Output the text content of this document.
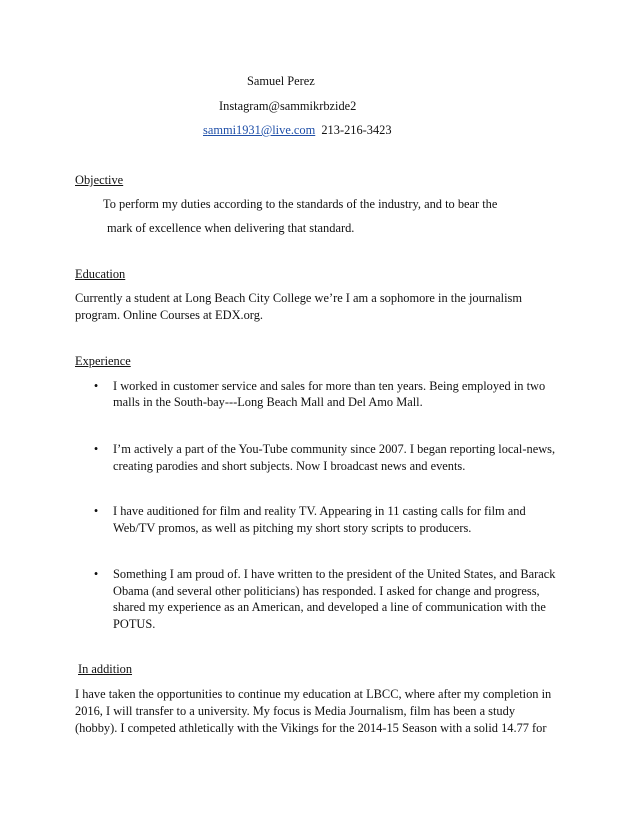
Samuel Perez
Instagram@sammikrbzide2
sammi1931@live.com 213-216-3423
Objective
To perform my duties according to the standards of the industry, and to bear the
mark of excellence when delivering that standard.
Education
Currently a student at Long Beach City College we’re I am a sophomore in the journalism
program. Online Courses at EDX.org.
Experience
• I worked in customer service and sales for more than ten years. Being employed in two
malls in the South-bay---Long Beach Mall and Del Amo Mall.
• I’m actively a part of the You-Tube community since 2007. I began reporting local-news,
creating parodies and short subjects. Now I broadcast news and events.
• I have auditioned for film and reality TV. Appearing in 11 casting calls for film and
Web/TV promos, as well as pitching my short story scripts to producers.
• Something I am proud of. I have written to the president of the United States, and Barack
Obama (and several other politicians) has responded. I asked for change and progress,
shared my experience as an American, and developed a line of communication with the
POTUS.
In addition
I have taken the opportunities to continue my education at LBCC, where after my completion in
2016, I will transfer to a university. My focus is Media Journalism, film has been a study
(hobby). I competed athletically with the Vikings for the 2014-15 Season with a solid 14.77 for
